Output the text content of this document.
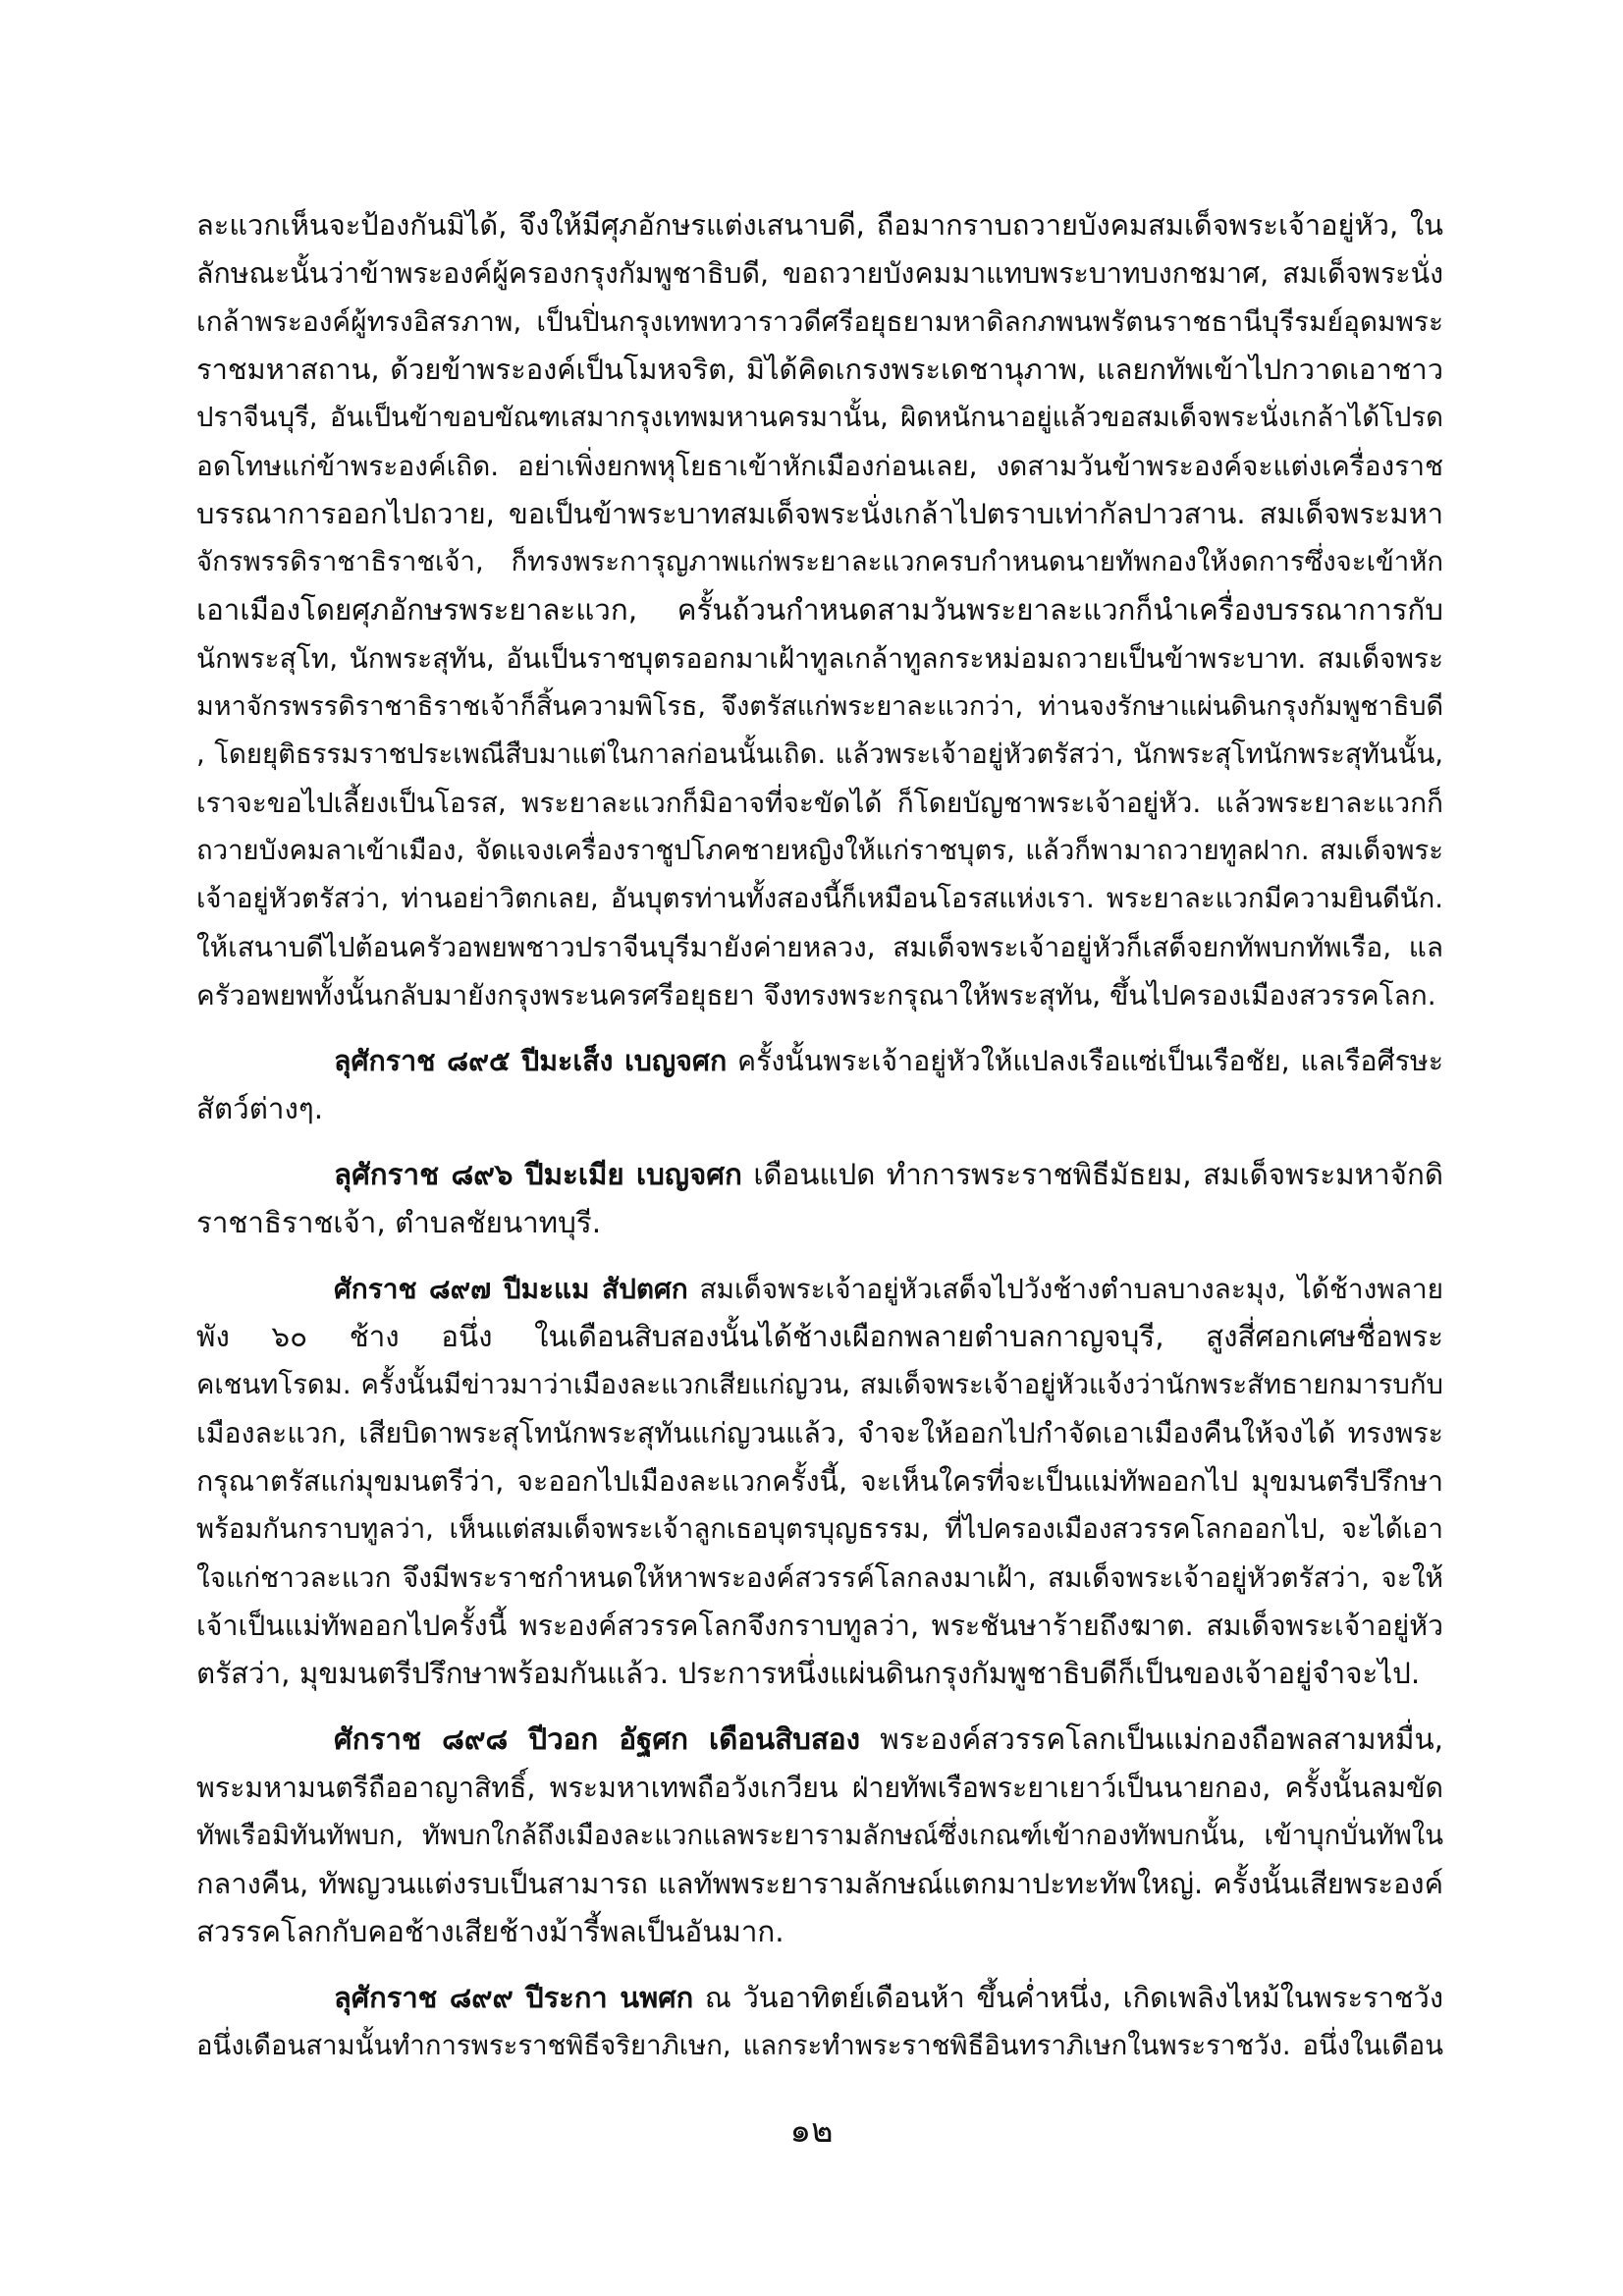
ละแวกเห็นจะป้องกันมิได้, จึงให้มีศุภอักษรแต่งเสนาบดี, ถือมากราบถวายบังคมสมเด็จพระเจ้าอยู่หัว, ใน
ลักษณะนั้นว่าข้าพระองค์ผู้ครองกรุงกัมพูชาธิบดี, ขอถวายบังคมมาแทบพระบาทบงกชมาศ, สมเด็จพระนั่ง
เกล้าพระองค์ผู้ทรงอิสรภาพ, เป็นปิ่นกรุงเทพทวาราวดีศรีอยุธยามหาดิลกภพนพรัตนราชธานีบุรีรมย์อุดมพระ
ราชมหาสถาน, ด้วยข้าพระองค์เป็นโมหจริต, มิได้คิดเกรงพระเดชานุภาพ, แลยกทัพเข้าไปกวาดเอาชาว
ปราจีนบุรี, อันเป็นข้าขอบขัณฑเสมากรุงเทพมหานครมานั้น, ผิดหนักนาอยู่แล้วขอสมเด็จพระนั่งเกล้าได้โปรด
อดโทษแก่ข้าพระองค์เถิด. อย่าเพิ่งยกพหุโยธาเข้าหักเมืองก่อนเลย, งดสามวันข้าพระองค์จะแต่งเครื่องราช
บรรณาการออกไปถวาย, ขอเป็นข้าพระบาทสมเด็จพระนั่งเกล้าไปตราบเท่ากัลปาวสาน. สมเด็จพระมหา
จักรพรรดิราชาธิราชเจ้า, ก็ทรงพระการุญภาพแก่พระยาละแวกครบกำหนดนายทัพกองให้งดการซึ่งจะเข้าหัก
เอาเมืองโดยศุภอักษรพระยาละแวก, ครั้นถ้วนกำหนดสามวันพระยาละแวกก็นำเครื่องบรรณาการกับ
นักพระสุโท, นักพระสุทัน, อันเป็นราชบุตรออกมาเฝ้าทูลเกล้าทูลกระหม่อมถวายเป็นข้าพระบาท. สมเด็จพระ
มหาจักรพรรดิราชาธิราชเจ้าก็สิ้นความพิโรธ, จึงตรัสแก่พระยาละแวกว่า, ท่านจงรักษาแผ่นดินกรุงกัมพูชาธิบดี
, โดยยุติธรรมราชประเพณีสืบมาแต่ในกาลก่อนนั้นเถิด. แล้วพระเจ้าอยู่หัวตรัสว่า, นักพระสุโทนักพระสุทันนั้น,
เราจะขอไปเลี้ยงเป็นโอรส, พระยาละแวกก็มิอาจที่จะขัดได้ ก็โดยบัญชาพระเจ้าอยู่หัว. แล้วพระยาละแวกก็
ถวายบังคมลาเข้าเมือง, จัดแจงเครื่องราชูปโภคชายหญิงให้แก่ราชบุตร, แล้วก็พามาถวายทูลฝาก. สมเด็จพระ
เจ้าอยู่หัวตรัสว่า, ท่านอย่าวิตกเลย, อันบุตรท่านทั้งสองนี้ก็เหมือนโอรสแห่งเรา. พระยาละแวกมีความยินดีนัก.
ให้เสนาบดีไปต้อนครัวอพยพชาวปราจีนบุรีมายังค่ายหลวง, สมเด็จพระเจ้าอยู่หัวก็เสด็จยกทัพบกทัพเรือ, แล
ครัวอพยพทั้งนั้นกลับมายังกรุงพระนครศรีอยุธยา จึงทรงพระกรุณาให้พระสุทัน, ขึ้นไปครองเมืองสวรรคโลก.
ลุศักราช ๘๙๕ ปีมะเส็ง เบญจศก ครั้งนั้นพระเจ้าอยู่หัวให้แปลงเรือแซ่เป็นเรือชัย, แลเรือศีรษะ
สัตว์ต่างๆ.
ลุศักราช ๘๙๖ ปีมะเมีย เบญจศก เดือนแปด ทำการพระราชพิธีมัธยม, สมเด็จพระมหาจักดิ
ราชาธิราชเจ้า, ตำบลชัยนาทบุรี.
ศักราช ๘๙๗ ปีมะแม สัปตศก สมเด็จพระเจ้าอยู่หัวเสด็จไปวังช้างตำบลบางละมุง, ได้ช้างพลาย
พัง ๖๐ ช้าง อนึ่ง ในเดือนสิบสองนั้นได้ช้างเผือกพลายตำบลกาญจบุรี, สูงสี่ศอกเศษชื่อพระ
คเชนทโรดม. ครั้งนั้นมีข่าวมาว่าเมืองละแวกเสียแก่ญวน, สมเด็จพระเจ้าอยู่หัวแจ้งว่านักพระสัทธายกมารบกับ
เมืองละแวก, เสียบิดาพระสุโทนักพระสุทันแก่ญวนแล้ว, จำจะให้ออกไปกำจัดเอาเมืองคืนให้จงได้ ทรงพระ
กรุณาตรัสแก่มุขมนตรีว่า, จะออกไปเมืองละแวกครั้งนี้, จะเห็นใครที่จะเป็นแม่ทัพออกไป มุขมนตรีปรึกษา
พร้อมกันกราบทูลว่า, เห็นแต่สมเด็จพระเจ้าลูกเธอบุตรบุญธรรม, ที่ไปครองเมืองสวรรคโลกออกไป, จะได้เอา
ใจแก่ชาวละแวก จึงมีพระราชกำหนดให้หาพระองค์สวรรค์โลกลงมาเฝ้า, สมเด็จพระเจ้าอยู่หัวตรัสว่า, จะให้
เจ้าเป็นแม่ทัพออกไปครั้งนี้ พระองค์สวรรคโลกจึงกราบทูลว่า, พระชันษาร้ายถึงฆาต. สมเด็จพระเจ้าอยู่หัว
ตรัสว่า, มุขมนตรีปรึกษาพร้อมกันแล้ว. ประการหนึ่งแผ่นดินกรุงกัมพูชาธิบดีก็เป็นของเจ้าอยู่จำจะไป.
ศักราช ๘๙๘ ปีวอก อัฐศก เดือนสิบสอง พระองค์สวรรคโลกเป็นแม่กองถือพลสามหมื่น,
พระมหามนตรีถืออาญาสิทธิ์, พระมหาเทพถือวังเกวียน ฝ่ายทัพเรือพระยาเยาว์เป็นนายกอง, ครั้งนั้นลมขัด
ทัพเรือมิทันทัพบก, ทัพบกใกล้ถึงเมืองละแวกแลพระยารามลักษณ์ซึ่งเกณฑ์เข้ากองทัพบกนั้น, เข้าบุกบั่นทัพใน
กลางคืน, ทัพญวนแต่งรบเป็นสามารถ แลทัพพระยารามลักษณ์แตกมาปะทะทัพใหญ่. ครั้งนั้นเสียพระองค์
สวรรคโลกกับคอช้างเสียช้างม้ารี้พลเป็นอันมาก.
ลุศักราช ๘๙๙ ปีระกา นพศก ณ วันอาทิตย์เดือนห้า ขึ้นค่ำหนึ่ง, เกิดเพลิงไหม้ในพระราชวัง
อนึ่งเดือนสามนั้นทำการพระราชพิธีจริยาภิเษก, แลกระทำพระราชพิธีอินทราภิเษกในพระราชวัง. อนึ่งในเดือน
๑๒
